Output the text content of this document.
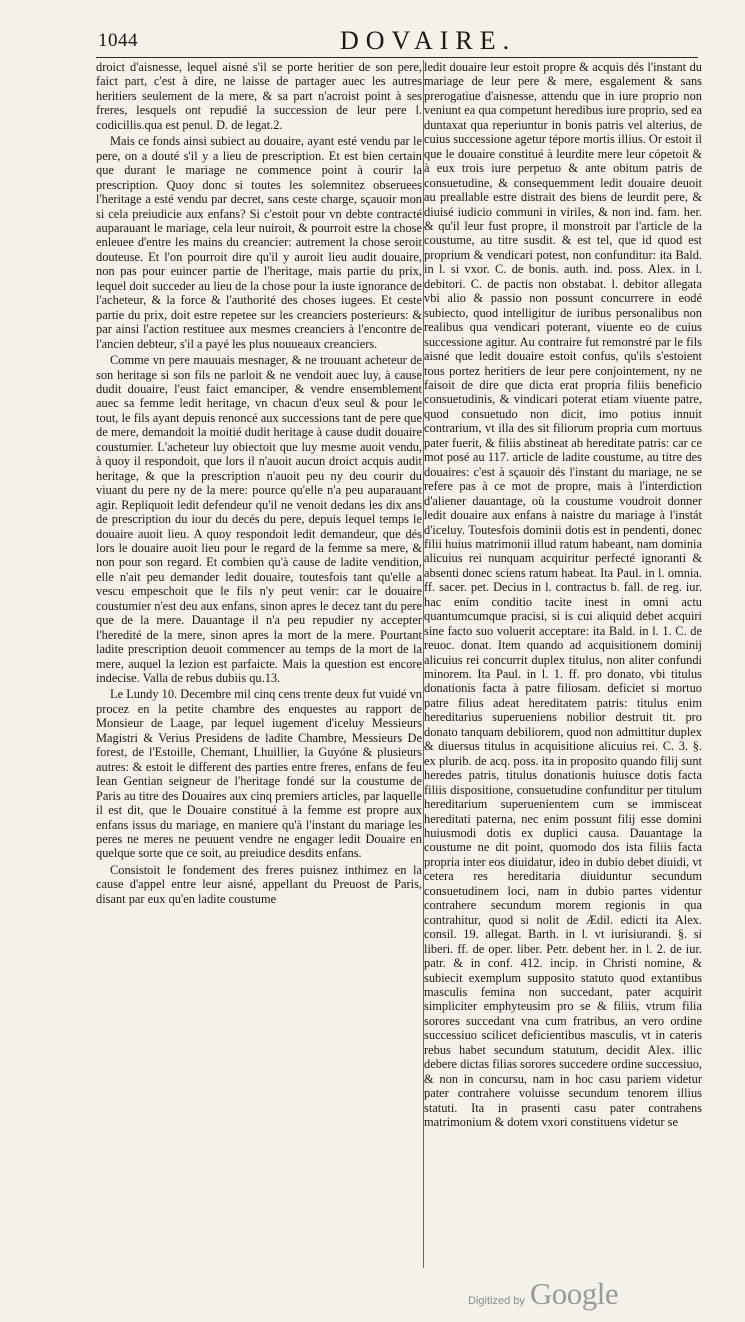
1044	DOVAIRE.

droict d'aisnesse, lequel aisné s'il se porte heritier de son pere, faict part, c'est à dire, ne laisse de partager auec les autres heritiers seulement de la mere, & sa part n'acroist point à ses freres, lesquels ont repudié la succession de leur pere l. codicillis.qua est penul. D. de legat.2.

Mais ce fonds ainsi subiect au douaire, ayant esté vendu par le pere, on a douté s'il y a lieu de prescription. Et est bien certain que durant le mariage ne commence point à courir la prescription. Quoy donc si toutes les solemnitez obseruees l'heritage a esté vendu par decret, sans ceste charge, sçauoir mon si cela preiudicie aux enfans? Si c'estoit pour vn debte contracté auparauant le mariage, cela leur nuiroit, & pourroit estre la chose enleuee d'entre les mains du creancier: autrement la chose seroit douteuse. Et l'on pourroit dire qu'il y auroit lieu audit douaire, non pas pour euincer partie de l'heritage, mais partie du prix, lequel doit succeder au lieu de la chose pour la iuste ignorance de l'acheteur, & la force & l'authorité des choses iugees. Et ceste partie du prix, doit estre repetee sur les creanciers posterieurs: & par ainsi l'action restituee aux mesmes creanciers à l'encontre de l'ancien debteur, s'il a payé les plus nouueaux creanciers.

Comme vn pere mauuais mesnager, & ne trouuant acheteur de son heritage si son fils ne parloit & ne vendoit auec luy, à cause dudit douaire, l'eust faict emanciper, & vendre ensemblement auec sa femme ledit heritage, vn chacun d'eux seul & pour le tout, le fils ayant depuis renoncé aux successions tant de pere que de mere, demandoit la moitié dudit heritage à cause dudit douaire coustumier. L'acheteur luy obiectoit que luy mesme auoit vendu, à quoy il respondoit, que lors il n'auoit aucun droict acquis audit heritage, & que la prescription n'auoit peu ny deu courir du viuant du pere ny de la mere: pource qu'elle n'a peu auparauant agir. Repliquoit ledit defendeur qu'il ne venoit dedans les dix ans de prescription du iour du decés du pere, depuis lequel temps le douaire auoit lieu. A quoy respondoit ledit demandeur, que dés lors le douaire auoit lieu pour le regard de la femme sa mere, & non pour son regard. Et combien qu'à cause de ladite vendition, elle n'ait peu demander ledit douaire, toutesfois tant qu'elle a vescu empeschoit que le fils n'y peut venir: car le douaire coustumier n'est deu aux enfans, sinon apres le decez tant du pere que de la mere. Dauantage il n'a peu repudier ny accepter l'heredité de la mere, sinon apres la mort de la mere. Pourtant ladite prescription deuoit commencer au temps de la mort de la mere, auquel la lezion est parfaicte. Mais la question est encore indecise. Valla de rebus dubiis qu.13.

Le Lundy 10. Decembre mil cinq cens trente deux fut vuidé vn procez en la petite chambre des enquestes au rapport de Monsieur de Laage, par lequel iugement d'iceluy Messieurs Magistri & Verius Presidens de ladite Chambre, Messieurs De forest, de l'Estoille, Chemant, Lhuillier, la Guyóne & plusieurs autres: & estoit le different des parties entre freres, enfans de feu Iean Gentian seigneur de l'heritage fondé sur la coustume de Paris au titre des Douaires aux cinq premiers articles, par laquelle il est dit, que le Douaire constitué à la femme est propre aux enfans issus du mariage, en maniere qu'à l'instant du mariage les peres ne meres ne peuuent vendre ne engager ledit Douaire en quelque sorte que ce soit, au preiudice desdits enfans.

Consistoit le fondement des freres puisnez inthimez en la cause d'appel entre leur aisné, appellant du Preuost de Paris, disant par eux qu'en ladite coustume

ledit douaire leur estoit propre & acquis dés l'instant du mariage de leur pere & mere, esgalement & sans prerogatiue d'aisnesse, attendu que in iure proprio non veniunt ea qua competunt heredibus iure proprio, sed ea duntaxat qua reperiuntur in bonis patris vel alterius, de cuius successione agetur tépore mortis illius. Or estoit il que le douaire constitué à leurdite mere leur cópetoit & à eux trois iure perpetuo & ante obitum patris de consuetudine, & consequemment ledit douaire deuoit au preallable estre distrait des biens de leurdit pere, & diuisé iudicio communi in viriles, & non ind. fam. her. & qu'il leur fust propre, il monstroit par l'article de la coustume, au titre susdit. & est tel, que id quod est proprium & vendicari potest, non confunditur: ita Bald. in l. si vxor. C. de bonis. auth. ind. poss. Alex. in l. debitori. C. de pactis non obstabat. l. debitor allegata vbi alio & passio non possunt concurrere in eodé subiecto, quod intelligitur de iuribus personalibus non realibus qua vendicari poterant, viuente eo de cuius successione agitur. Au contraire fut remonstré par le fils aisné que ledit douaire estoit confus, qu'ils s'estoient tous portez heritiers de leur pere conjointement, ny ne faisoit de dire que dicta erat propria filiis beneficio consuetudinis, & vindicari poterat etiam viuente patre, quod consuetudo non dicit, imo potius innuit contrarium, vt illa des sit filiorum propria cum mortuus pater fuerit, & filiis abstineat ab hereditate patris: car ce mot posé au 117. article de ladite coustume, au titre des douaires: c'est à sçauoir dés l'instant du mariage, ne se refere pas à ce mot de propre, mais à l'interdiction d'aliener dauantage, où la coustume voudroit donner ledit douaire aux enfans à naistre du mariage à l'instát d'iceluy. Toutesfois dominii dotis est in pendenti, donec filii huius matrimonii illud ratum habeant, nam dominia alicuius rei nunquam acquiritur perfecté ignoranti & absenti donec sciens ratum habeat. Ita Paul. in l. omnia. ff. sacer. pet. Decius in l. contractus b. fall. de reg. iur. hac enim conditio tacite inest in omni actu quantumcumque pracisi, si is cui aliquid debet acquiri sine facto suo voluerit acceptare: ita Bald. in l. 1. C. de reuoc. donat. Item quando ad acquisitionem dominij alicuius rei concurrit duplex titulus, non aliter confundi minorem. Ita Paul. in l. 1. ff. pro donato, vbi titulus donationis facta à patre filiosam. deficiet si mortuo patre filius adeat hereditatem patris: titulus enim hereditarius superueniens nobilior destruit tit. pro donato tanquam debiliorem, quod non admittitur duplex & diuersus titulus in acquisitione alicuius rei. C. 3. §. ex plurib. de acq. poss. ita in proposito quando filij sunt heredes patris, titulus donationis huiusce dotis facta filiis dispositione, consuetudine confunditur per titulum hereditarium superuenientem cum se immisceat hereditati paterna, nec enim possunt filij esse domini huiusmodi dotis ex duplici causa. Dauantage la coustume ne dit point, quomodo dos ista filiis facta propria inter eos diuidatur, ideo in dubio debet diuidi, vt cetera res hereditaria diuiduntur secundum consuetudinem loci, nam in dubio partes videntur contrahere secundum morem regionis in qua contrahitur, quod si nolit de Ædil. edicti ita Alex. consil. 19. allegat. Barth. in l. vt iurisiurandi. §. si liberi. ff. de oper. liber. Petr. debent her. in l. 2. de iur. patr. & in conf. 412. incip. in Christi nomine, & subiecit exemplum supposito statuto quod extantibus masculis femina non succedant, pater acquirit simpliciter emphyteusim pro se & filiis, vtrum filia sorores succedant vna cum fratribus, an vero ordine successiuo scilicet deficientibus masculis, vt in cateris rebus habet secundum statutum, decidit Alex. illic debere dictas filias sorores succedere ordine successiuo, & non in concursu, nam in hoc casu pariem videtur pater contrahere voluisse secundum tenorem illius statuti. Ita in prasenti casu pater contrahens matrimonium & dotem vxori constituens videtur se

Digitized by Google
